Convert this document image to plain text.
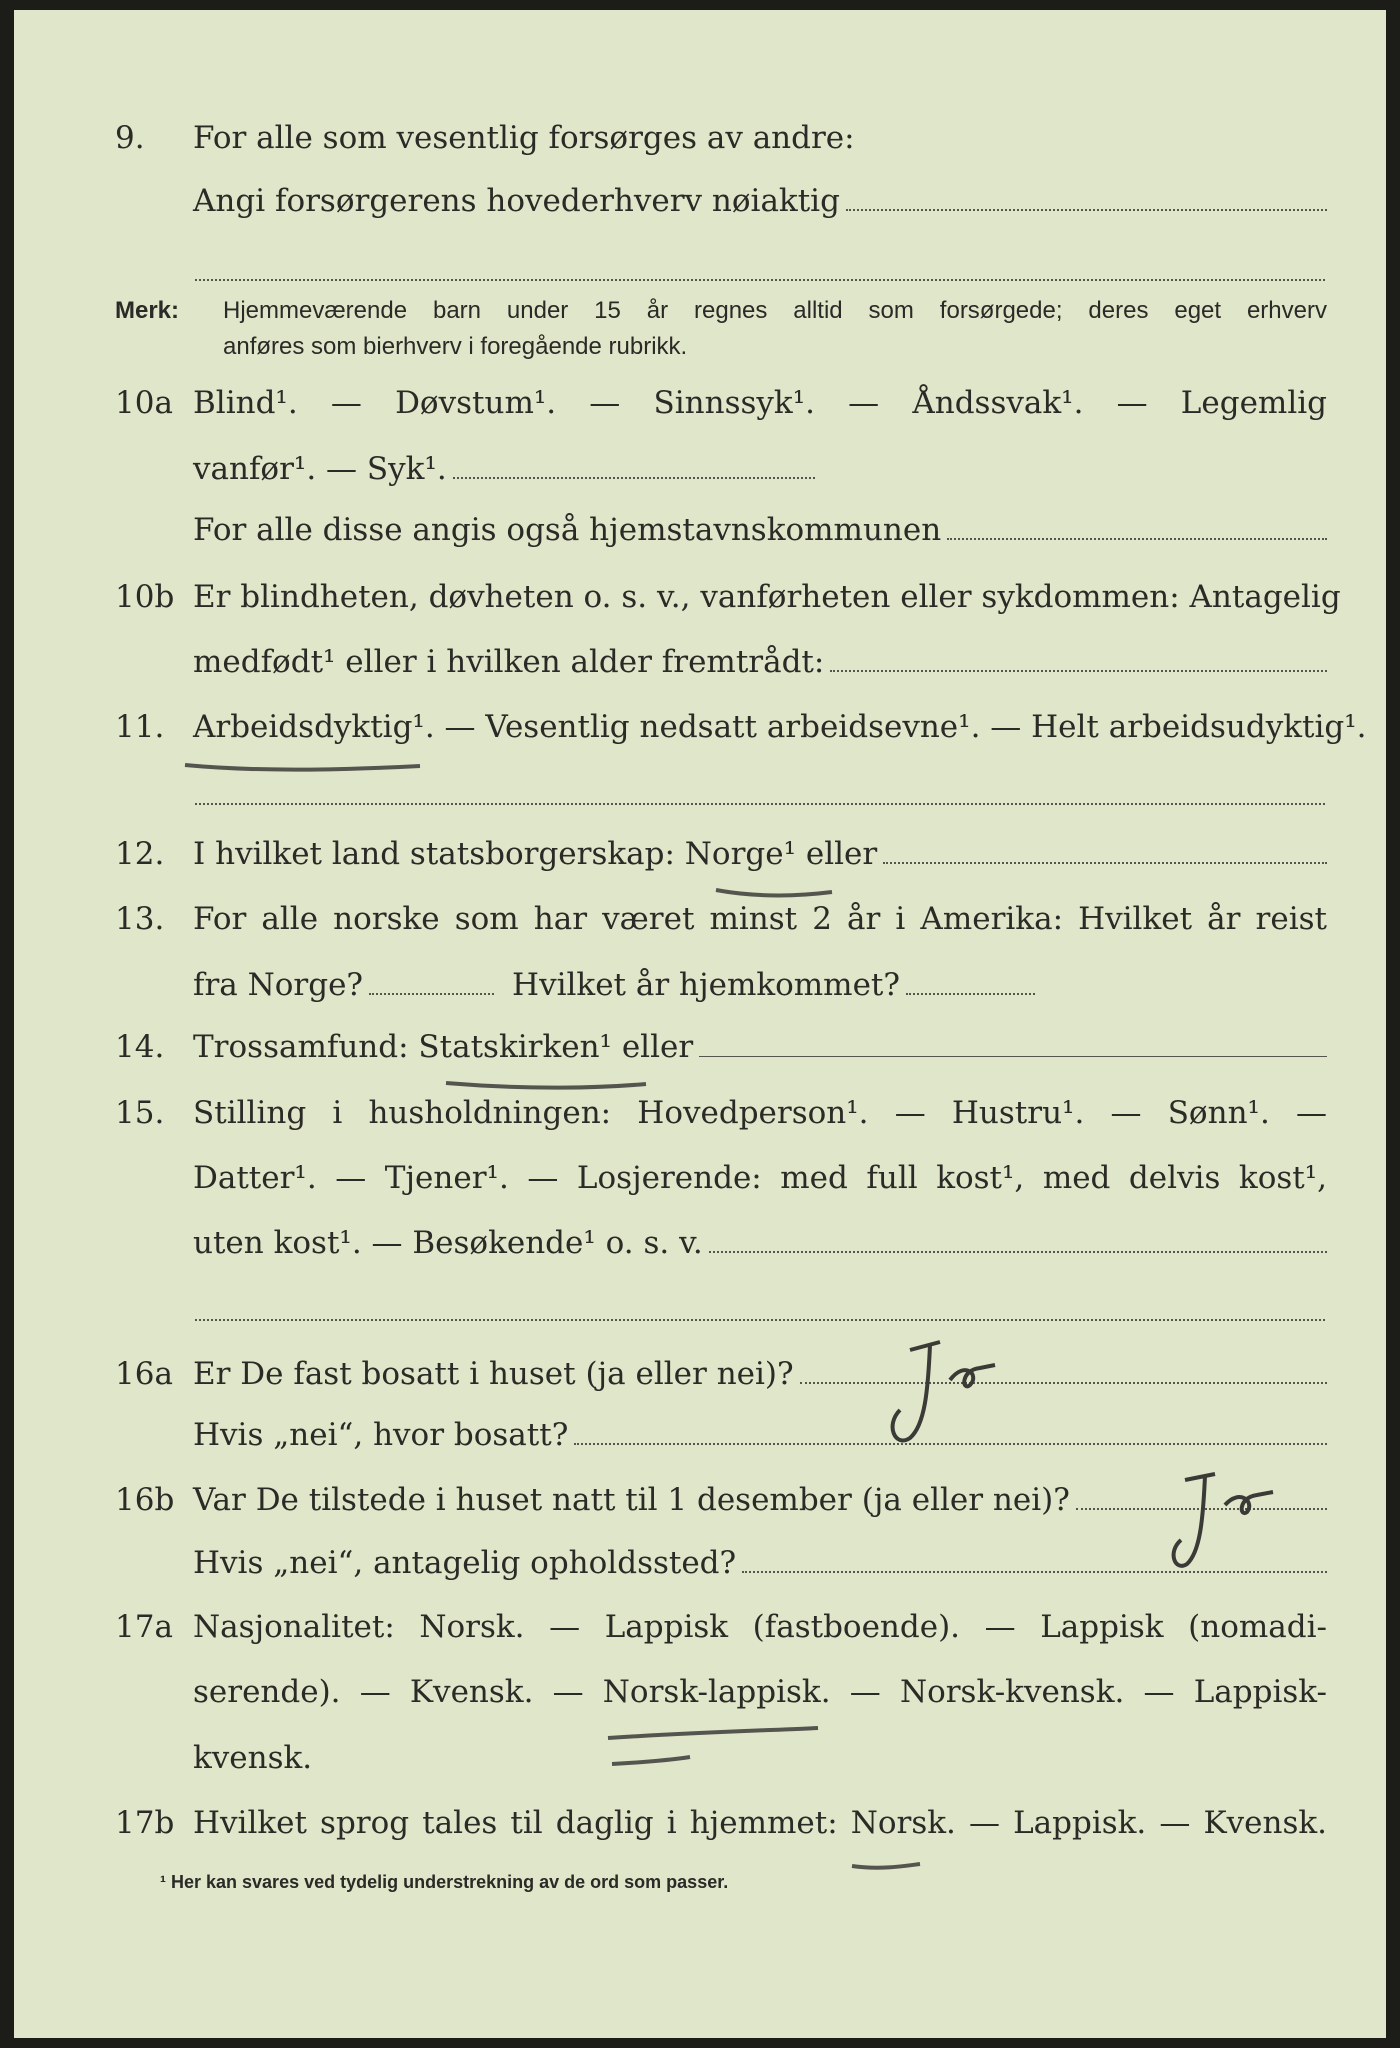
9.	For alle som vesentlig forsørges av andre:
Angi forsørgerens hovederhverv nøiaktig
Merk: Hjemmeværende barn under 15 år regnes alltid som forsørgede; deres eget erhverv
anføres som bierhverv i foregående rubrikk.
10a Blind¹. — Døvstum¹. — Sinnssyk¹. — Åndssvak¹. — Legemlig
vanfør¹. — Syk¹.
For alle disse angis også hjemstavnskommunen
10b Er blindheten, døvheten o. s. v., vanførheten eller sykdommen: Antagelig
medfødt¹ eller i hvilken alder fremtrådt:
11. Arbeidsdyktig¹. — Vesentlig nedsatt arbeidsevne¹. — Helt arbeidsudyktig¹.
12. I hvilket land statsborgerskap: Norge¹ eller
13. For alle norske som har været minst 2 år i Amerika: Hvilket år reist
fra Norge?	Hvilket år hjemkommet?
14. Trossamfund: Statskirken¹ eller
15. Stilling i husholdningen: Hovedperson¹. — Hustru¹. — Sønn¹. —
Datter¹. — Tjener¹. — Losjerende: med full kost¹, med delvis kost¹,
uten kost¹. — Besøkende¹ o. s. v.
16a Er De fast bosatt i huset (ja eller nei)?
Hvis „nei“, hvor bosatt?
16b Var De tilstede i huset natt til 1 desember (ja eller nei)?
Hvis „nei“, antagelig opholdssted?
17a Nasjonalitet: Norsk. — Lappisk (fastboende). — Lappisk (nomadi-
serende). — Kvensk. — Norsk-lappisk. — Norsk-kvensk. — Lappisk-
kvensk.
17b Hvilket sprog tales til daglig i hjemmet: Norsk. — Lappisk. — Kvensk.
¹ Her kan svares ved tydelig understrekning av de ord som passer.
